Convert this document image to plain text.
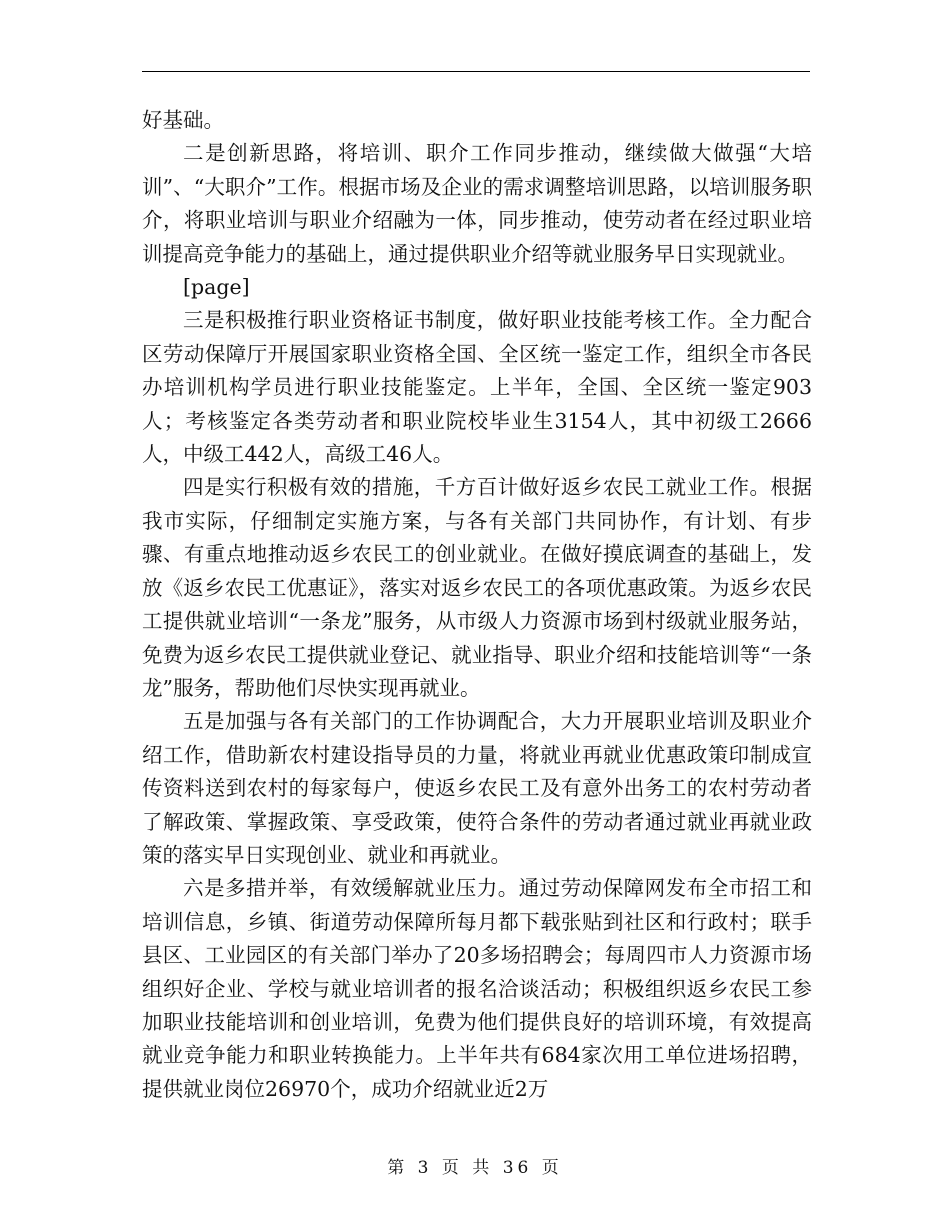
好基础。

二是创新思路，将培训、职介工作同步推动，继续做大做强“大培训”、“大职介”工作。根据市场及企业的需求调整培训思路，以培训服务职介，将职业培训与职业介绍融为一体，同步推动，使劳动者在经过职业培训提高竞争能力的基础上，通过提供职业介绍等就业服务早日实现就业。

[page]

三是积极推行职业资格证书制度，做好职业技能考核工作。全力配合区劳动保障厅开展国家职业资格全国、全区统一鉴定工作，组织全市各民办培训机构学员进行职业技能鉴定。上半年，全国、全区统一鉴定903人；考核鉴定各类劳动者和职业院校毕业生3154人，其中初级工2666人，中级工442人，高级工46人。

四是实行积极有效的措施，千方百计做好返乡农民工就业工作。根据我市实际，仔细制定实施方案，与各有关部门共同协作，有计划、有步骤、有重点地推动返乡农民工的创业就业。在做好摸底调查的基础上，发放《返乡农民工优惠证》，落实对返乡农民工的各项优惠政策。为返乡农民工提供就业培训“一条龙”服务，从市级人力资源市场到村级就业服务站，免费为返乡农民工提供就业登记、就业指导、职业介绍和技能培训等“一条龙”服务，帮助他们尽快实现再就业。

五是加强与各有关部门的工作协调配合，大力开展职业培训及职业介绍工作，借助新农村建设指导员的力量，将就业再就业优惠政策印制成宣传资料送到农村的每家每户，使返乡农民工及有意外出务工的农村劳动者了解政策、掌握政策、享受政策，使符合条件的劳动者通过就业再就业政策的落实早日实现创业、就业和再就业。

六是多措并举，有效缓解就业压力。通过劳动保障网发布全市招工和培训信息，乡镇、街道劳动保障所每月都下载张贴到社区和行政村；联手县区、工业园区的有关部门举办了20多场招聘会；每周四市人力资源市场组织好企业、学校与就业培训者的报名洽谈活动；积极组织返乡农民工参加职业技能培训和创业培训，免费为他们提供良好的培训环境，有效提高就业竞争能力和职业转换能力。上半年共有684家次用工单位进场招聘，提供就业岗位26970个，成功介绍就业近2万

第 3 页 共 36 页
